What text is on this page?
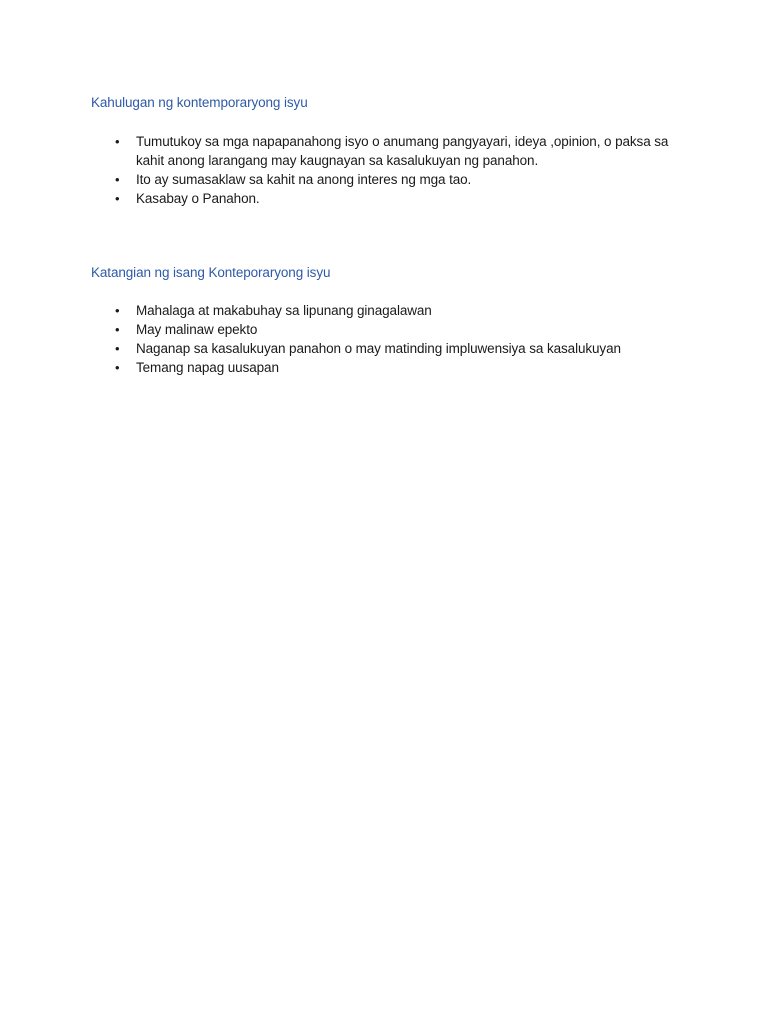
Kahulugan ng kontemporaryong isyu
• Tumutukoy sa mga napapanahong isyo o anumang pangyayari, ideya ,opinion, o paksa sa kahit anong larangang may kaugnayan sa kasalukuyan ng panahon.
• Ito ay sumasaklaw sa kahit na anong interes ng mga tao.
• Kasabay o Panahon.
Katangian ng isang Konteporaryong isyu
• Mahalaga at makabuhay sa lipunang ginagalawan
• May malinaw epekto
• Naganap sa kasalukuyan panahon o may matinding impluwensiya sa kasalukuyan
• Temang napag uusapan
